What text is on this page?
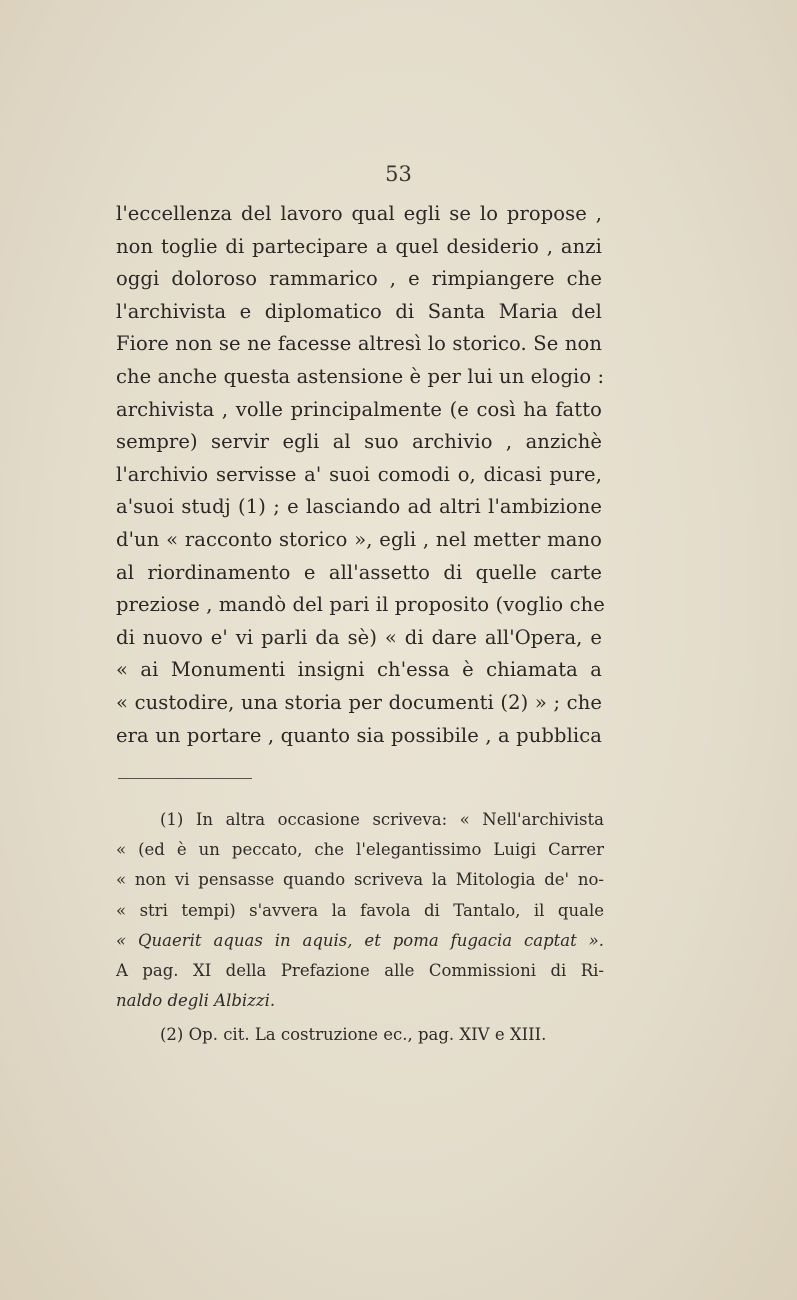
53
l'eccellenza del lavoro qual egli se lo propose ,
non toglie di partecipare a quel desiderio , anzi
oggi doloroso rammarico , e rimpiangere che
l'archivista e diplomatico di Santa Maria del
Fiore non se ne facesse altresì lo storico. Se non
che anche questa astensione è per lui un elogio :
archivista , volle principalmente (e così ha fatto
sempre) servir egli al suo archivio , anzichè
l'archivio servisse a' suoi comodi o, dicasi pure,
a'suoi studj (1) ; e lasciando ad altri l'ambizione
d'un « racconto storico », egli , nel metter mano
al riordinamento e all'assetto di quelle carte
preziose , mandò del pari il proposito (voglio che
di nuovo e' vi parli da sè) « di dare all'Opera, e
« ai Monumenti insigni ch'essa è chiamata a
« custodire, una storia per documenti (2) » ; che
era un portare , quanto sia possibile , a pubblica
(1) In altra occasione scriveva: « Nell'archivista
« (ed è un peccato, che l'elegantissimo Luigi Carrer
« non vi pensasse quando scriveva la Mitologia de' no-
« stri tempi) s'avvera la favola di Tantalo, il quale
« Quaerit aquas in aquis, et poma fugacia captat ».
A pag. XI della Prefazione alle Commissioni di Ri-
naldo degli Albizzi.
(2) Op. cit. La costruzione ec., pag. XIV e XIII.
